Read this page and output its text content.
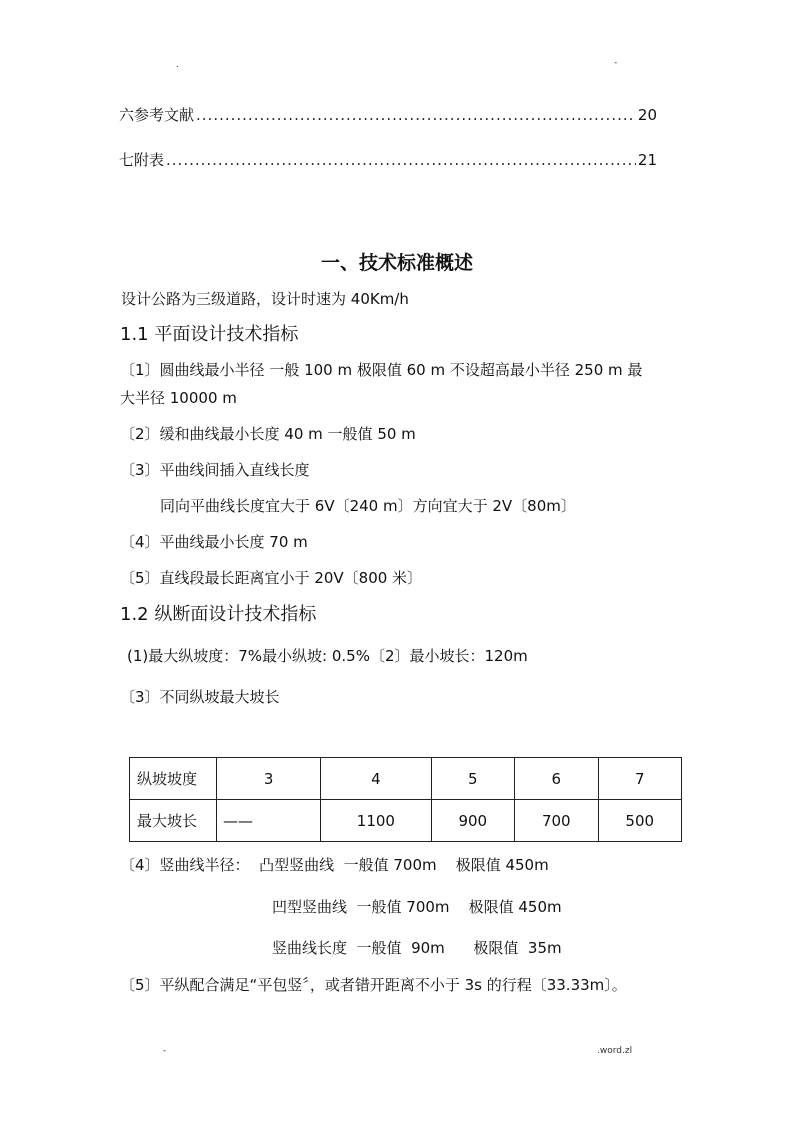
.	-
六参考文献 .....	20
七附表 .....	21
一、技术标准概述
设计公路为三级道路，设计时速为 40Km/h
1.1 平面设计技术指标
〔1〕圆曲线最小半径 一般 100 m 极限值 60 m 不设超高最小半径 250 m 最
大半径 10000 m
〔2〕缓和曲线最小长度 40 m 一般值 50 m
〔3〕平曲线间插入直线长度
同向平曲线长度宜大于 6V〔240 m〕方向宜大于 2V〔80m〕
〔4〕平曲线最小长度 70 m
〔5〕直线段最长距离宜小于 20V〔800 米〕
1.2 纵断面设计技术指标
(1)最大纵坡度：7%最小纵坡: 0.5%〔2〕最小坡长：120m
〔3〕不同纵坡最大坡长
纵坡坡度	3	4	5	6	7
最大坡长	——	1100	900	700	500
〔4〕竖曲线半径：  凸型竖曲线  一般值 700m    极限值 450m
凹型竖曲线  一般值 700m    极限值 450m
竖曲线长度  一般值  90m      极限值  35m
〔5〕平纵配合满足“平包竖〞，或者错开距离不小于 3s 的行程〔33.33m〕。
-	.word.zl
